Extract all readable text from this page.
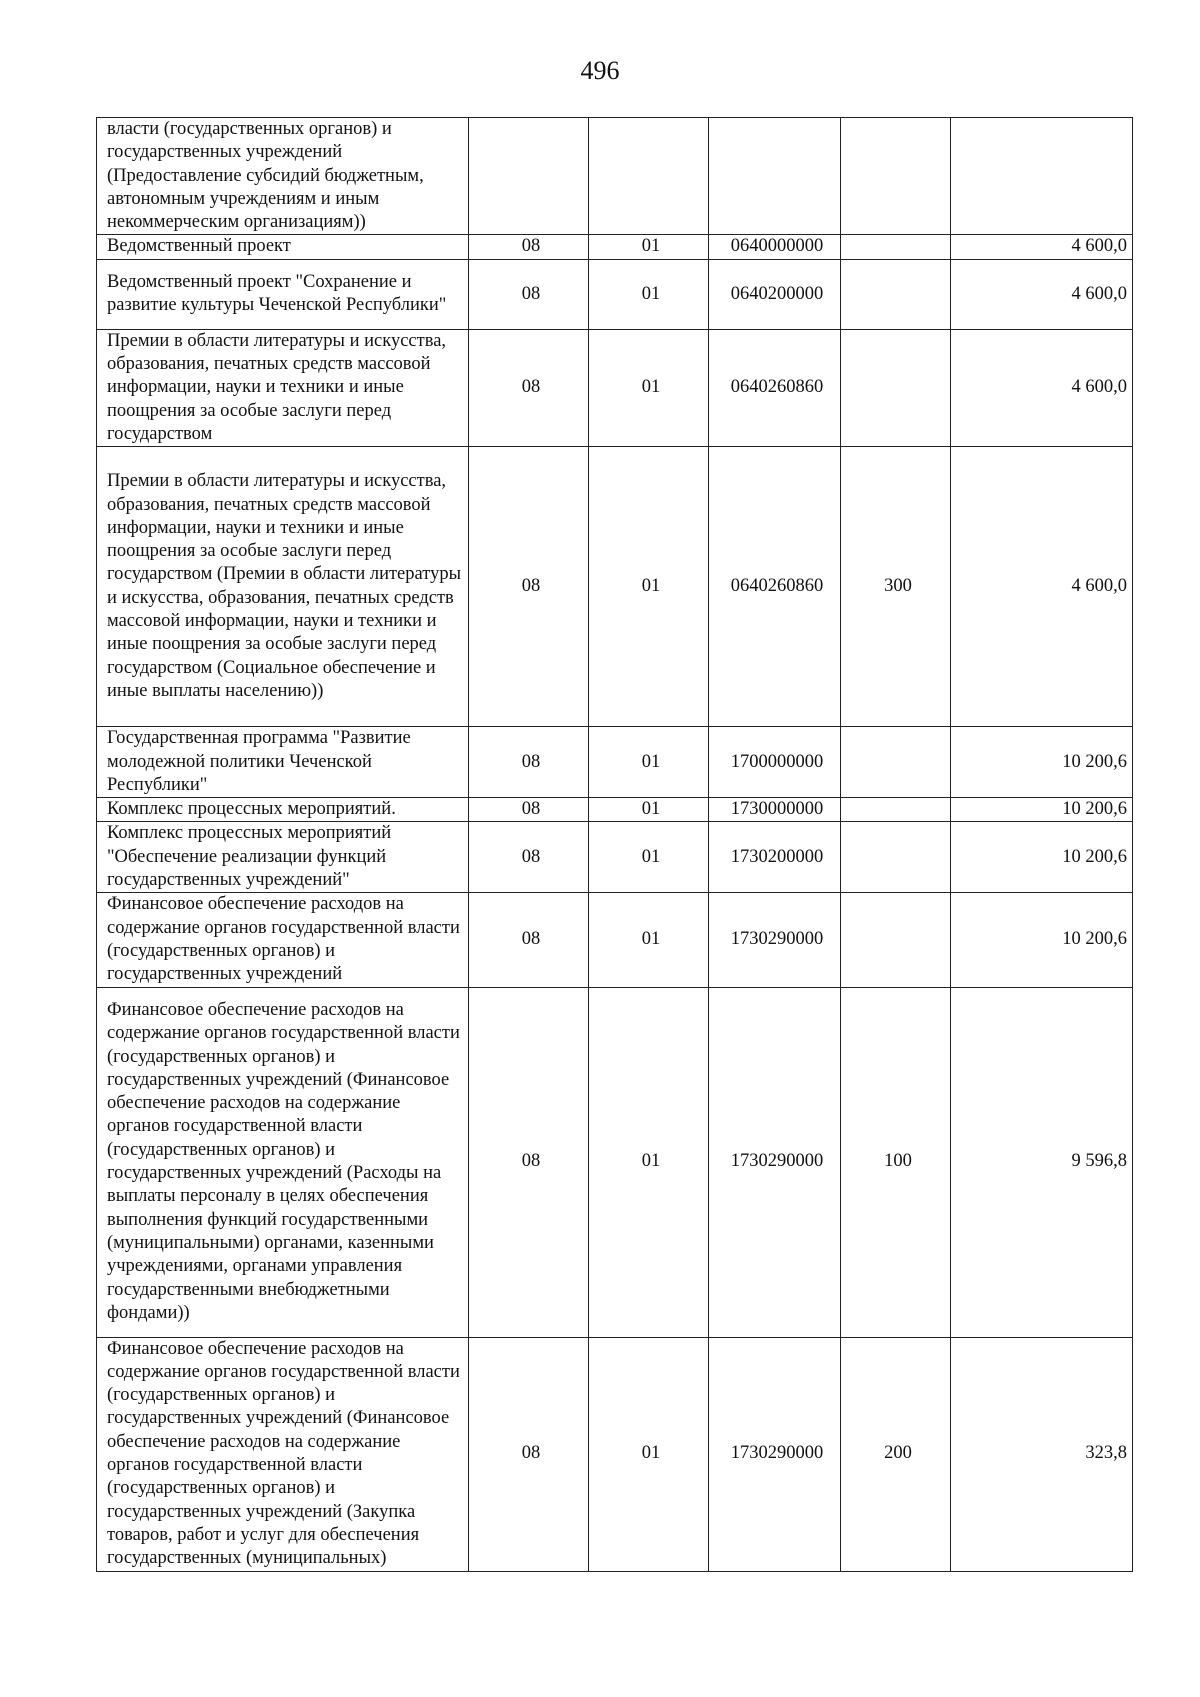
496
власти (государственных органов) и государственных учреждений (Предоставление субсидий бюджетным, автономным учреждениям и иным некоммерческим организациям))					
Ведомственный проект	08	01	0640000000		4 600,0
Ведомственный проект "Сохранение и развитие культуры Чеченской Республики"	08	01	0640200000		4 600,0
Премии в области литературы и искусства, образования, печатных средств массовой информации, науки и техники и иные поощрения за особые заслуги перед государством	08	01	0640260860		4 600,0
Премии в области литературы и искусства, образования, печатных средств массовой информации, науки и техники и иные поощрения за особые заслуги перед государством (Премии в области литературы и искусства, образования, печатных средств массовой информации, науки и техники и иные поощрения за особые заслуги перед государством (Социальное обеспечение и иные выплаты населению))	08	01	0640260860	300	4 600,0
Государственная программа "Развитие молодежной политики Чеченской Республики"	08	01	1700000000		10 200,6
Комплекс процессных мероприятий.	08	01	1730000000		10 200,6
Комплекс процессных мероприятий "Обеспечение реализации функций государственных учреждений"	08	01	1730200000		10 200,6
Финансовое обеспечение расходов на содержание органов государственной власти (государственных органов) и государственных учреждений	08	01	1730290000		10 200,6
Финансовое обеспечение расходов на содержание органов государственной власти (государственных органов) и государственных учреждений (Финансовое обеспечение расходов на содержание органов государственной власти (государственных органов) и государственных учреждений (Расходы на выплаты персоналу в целях обеспечения выполнения функций государственными (муниципальными) органами, казенными учреждениями, органами управления государственными внебюджетными фондами))	08	01	1730290000	100	9 596,8
Финансовое обеспечение расходов на содержание органов государственной власти (государственных органов) и государственных учреждений (Финансовое обеспечение расходов на содержание органов государственной власти (государственных органов) и государственных учреждений (Закупка товаров, работ и услуг для обеспечения государственных (муниципальных)	08	01	1730290000	200	323,8
